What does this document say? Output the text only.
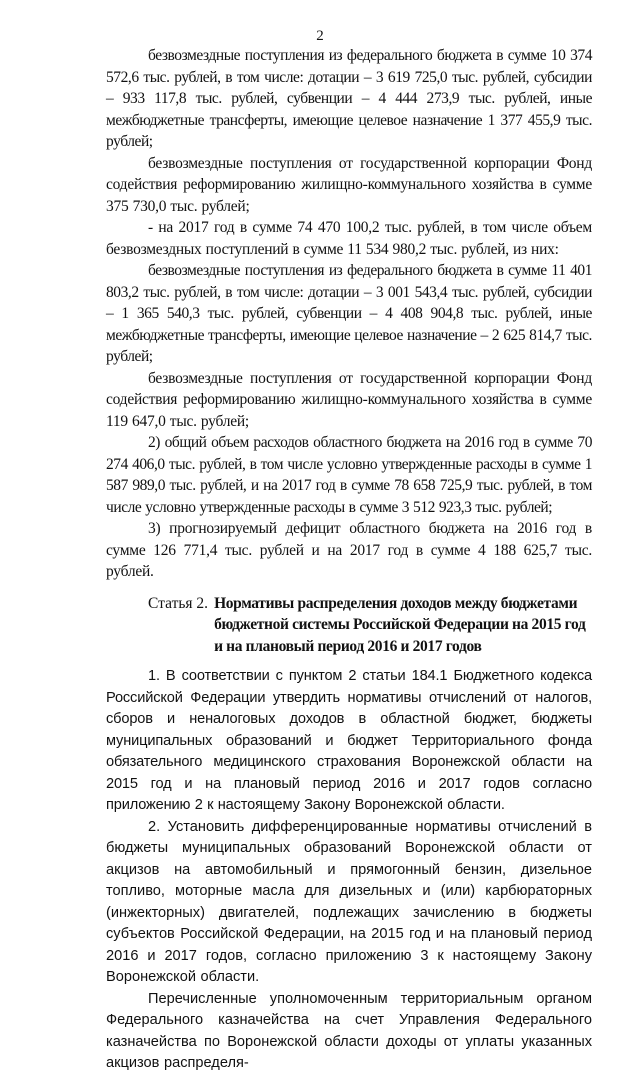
2

безвозмездные поступления из федерального бюджета в сумме 10 374 572,6 тыс. рублей, в том числе: дотации – 3 619 725,0 тыс. рублей, субсидии – 933 117,8 тыс. рублей, субвенции – 4 444 273,9 тыс. рублей, иные межбюджетные трансферты, имеющие целевое назначение 1 377 455,9 тыс. рублей;

безвозмездные поступления от государственной корпорации Фонд содействия реформированию жилищно-коммунального хозяйства в сумме 375 730,0 тыс. рублей;

- на 2017 год в сумме 74 470 100,2 тыс. рублей, в том числе объем безвозмездных поступлений в сумме 11 534 980,2 тыс. рублей, из них:

безвозмездные поступления из федерального бюджета в сумме 11 401 803,2 тыс. рублей, в том числе: дотации – 3 001 543,4 тыс. рублей, субсидии – 1 365 540,3 тыс. рублей, субвенции – 4 408 904,8 тыс. рублей, иные межбюджетные трансферты, имеющие целевое назначение – 2 625 814,7 тыс. рублей;

безвозмездные поступления от государственной корпорации Фонд содействия реформированию жилищно-коммунального хозяйства в сумме 119 647,0 тыс. рублей;

2) общий объем расходов областного бюджета на 2016 год в сумме 70 274 406,0 тыс. рублей, в том числе условно утвержденные расходы в сумме 1 587 989,0 тыс. рублей, и на 2017 год в сумме 78 658 725,9 тыс. рублей, в том числе условно утвержденные расходы в сумме 3 512 923,3 тыс. рублей;

3) прогнозируемый дефицит областного бюджета на 2016 год в сумме 126 771,4 тыс. рублей и на 2017 год в сумме 4 188 625,7 тыс. рублей.

Статья 2. Нормативы распределения доходов между бюджетами бюджетной системы Российской Федерации на 2015 год и на плановый период 2016 и 2017 годов

1. В соответствии с пунктом 2 статьи 184.1 Бюджетного кодекса Российской Федерации утвердить нормативы отчислений от налогов, сборов и неналоговых доходов в областной бюджет, бюджеты муниципальных образований и бюджет Территориального фонда обязательного медицинского страхования Воронежской области на 2015 год и на плановый период 2016 и 2017 годов согласно приложению 2 к настоящему Закону Воронежской области.

2. Установить дифференцированные нормативы отчислений в бюджеты муниципальных образований Воронежской области от акцизов на автомобильный и прямогонный бензин, дизельное топливо, моторные масла для дизельных и (или) карбюраторных (инжекторных) двигателей, подлежащих зачислению в бюджеты субъектов Российской Федерации, на 2015 год и на плановый период 2016 и 2017 годов, согласно приложению 3 к настоящему Закону Воронежской области.

Перечисленные уполномоченным территориальным органом Федерального казначейства на счет Управления Федерального казначейства по Воронежской области доходы от уплаты указанных акцизов распределя-
